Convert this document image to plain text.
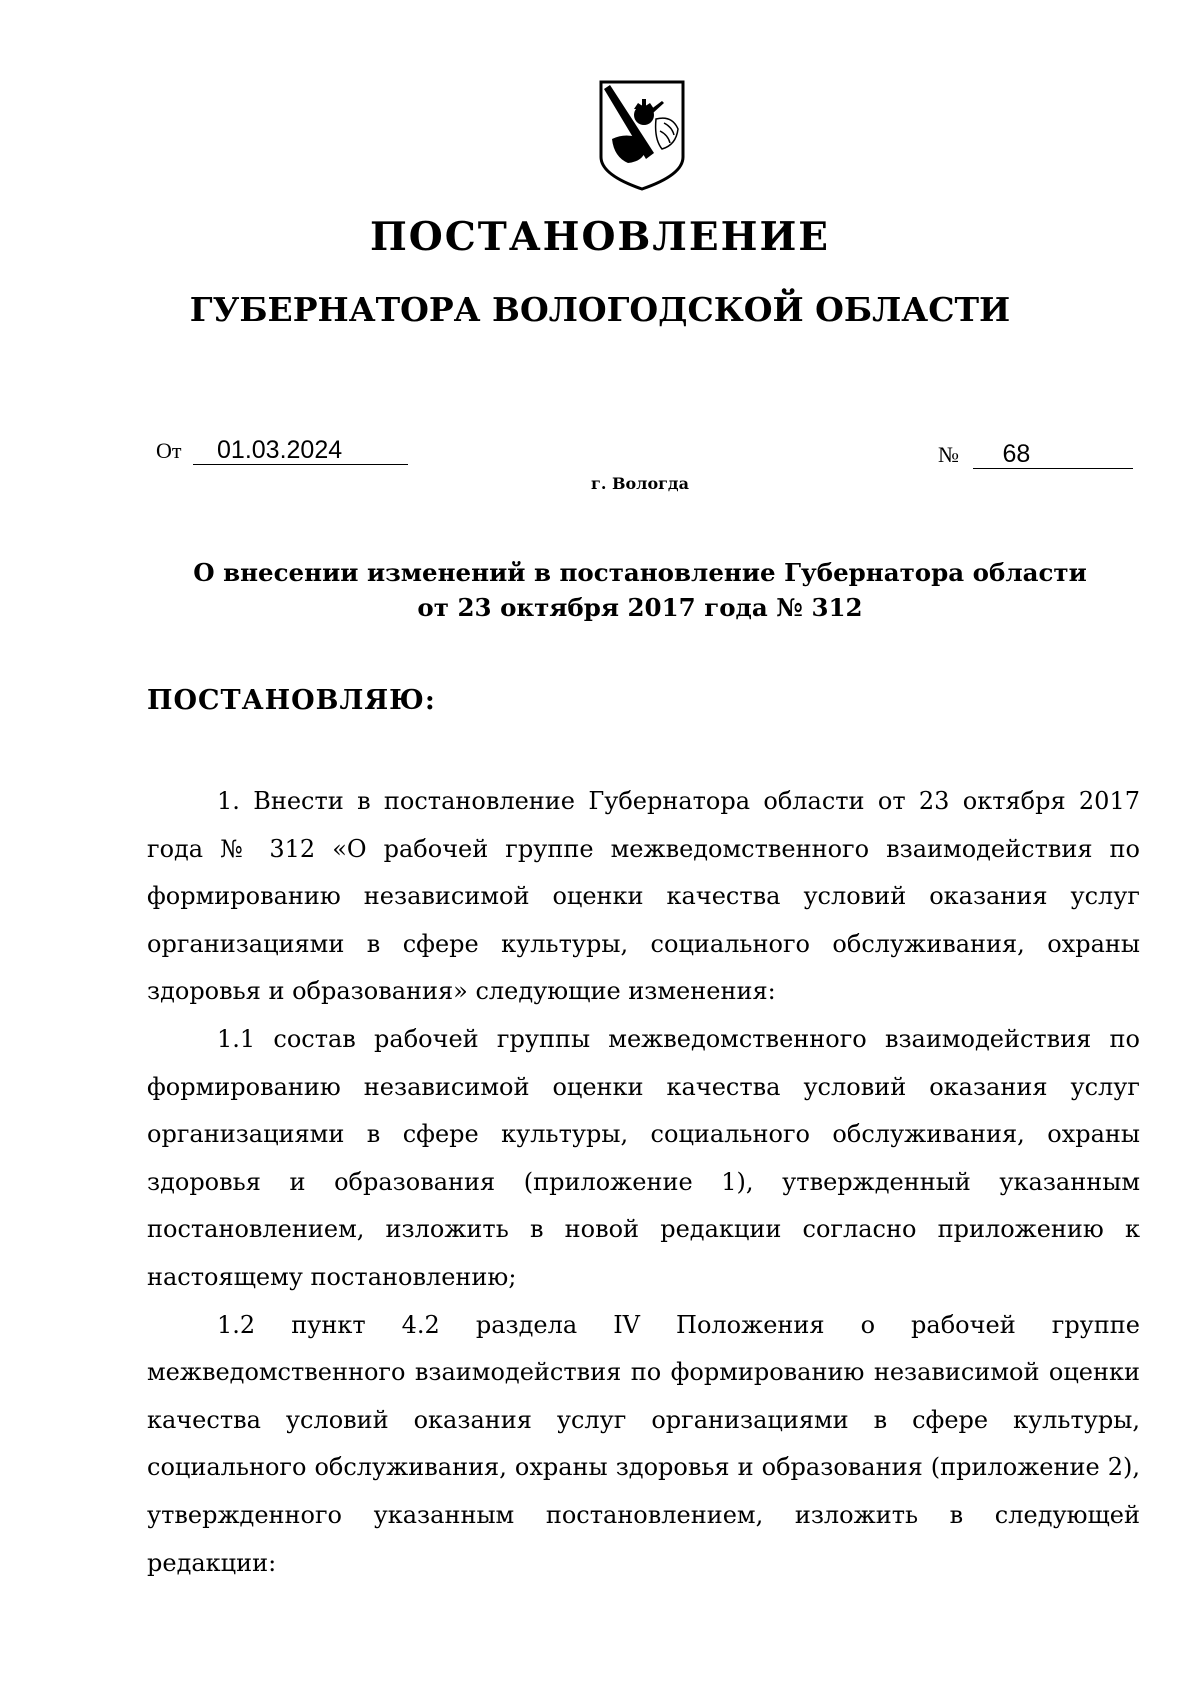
ПОСТАНОВЛЕНИЕ
ГУБЕРНАТОРА ВОЛОГОДСКОЙ ОБЛАСТИ
От 01.03.2024	№ 68
г. Вологда
О внесении изменений в постановление Губернатора области
от 23 октября 2017 года № 312
ПОСТАНОВЛЯЮ:

1. Внести в постановление Губернатора области от 23 октября 2017 года № 312 «О рабочей группе межведомственного взаимодействия по формированию независимой оценки качества условий оказания услуг организациями в сфере культуры, социального обслуживания, охраны здоровья и образования» следующие изменения:

1.1 состав рабочей группы межведомственного взаимодействия по формированию независимой оценки качества условий оказания услуг организациями в сфере культуры, социального обслуживания, охраны здоровья и образования (приложение 1), утвержденный указанным постановлением, изложить в новой редакции согласно приложению к настоящему постановлению;

1.2 пункт 4.2 раздела IV Положения о рабочей группе межведомственного взаимодействия по формированию независимой оценки качества условий оказания услуг организациями в сфере культуры, социального обслуживания, охраны здоровья и образования (приложение 2), утвержденного указанным постановлением, изложить в следующей редакции:
